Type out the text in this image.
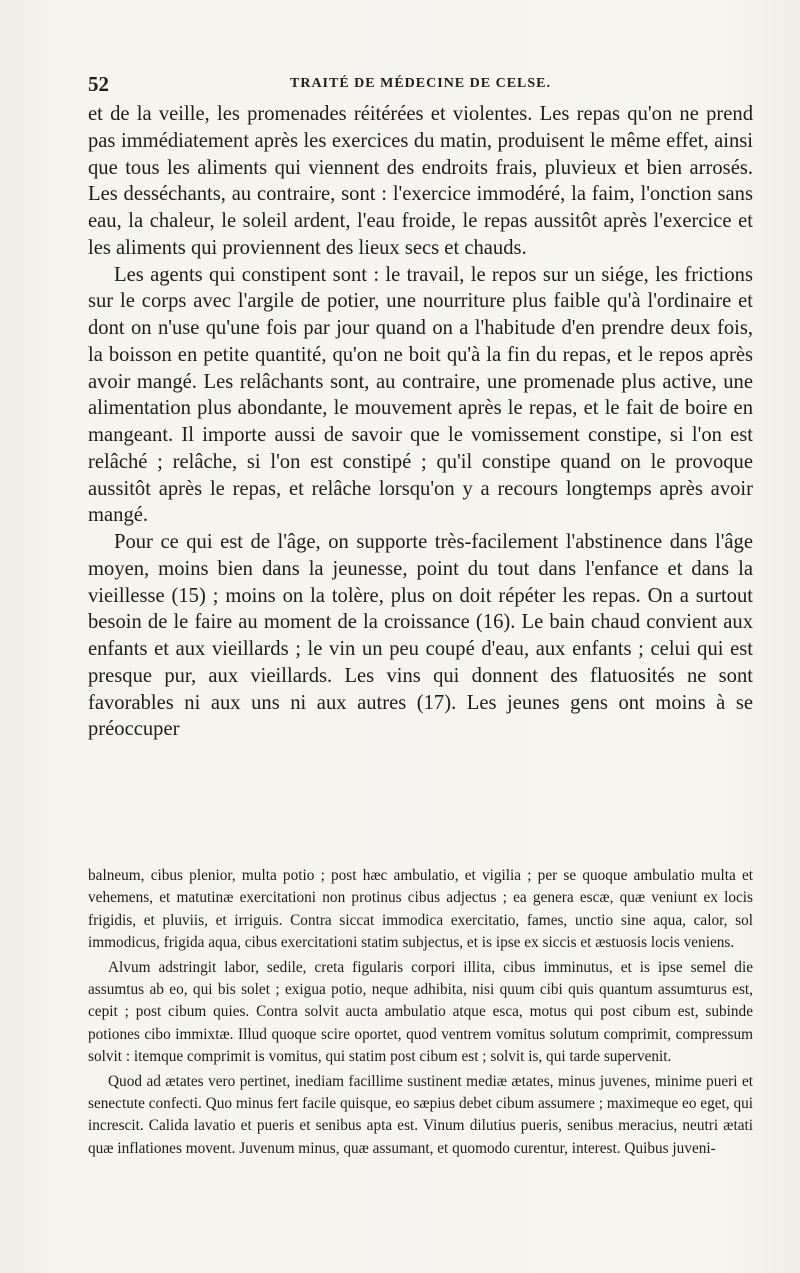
52	TRAITÉ DE MÉDECINE DE CELSE.

et de la veille, les promenades réitérées et violentes. Les repas qu'on ne prend pas immédiatement après les exercices du matin, produisent le même effet, ainsi que tous les aliments qui viennent des endroits frais, pluvieux et bien arrosés. Les desséchants, au contraire, sont : l'exercice immodéré, la faim, l'onction sans eau, la chaleur, le soleil ardent, l'eau froide, le repas aussitôt après l'exercice et les aliments qui proviennent des lieux secs et chauds.

Les agents qui constipent sont : le travail, le repos sur un siége, les frictions sur le corps avec l'argile de potier, une nourriture plus faible qu'à l'ordinaire et dont on n'use qu'une fois par jour quand on a l'habitude d'en prendre deux fois, la boisson en petite quantité, qu'on ne boit qu'à la fin du repas, et le repos après avoir mangé. Les relâchants sont, au contraire, une promenade plus active, une alimentation plus abondante, le mouvement après le repas, et le fait de boire en mangeant. Il importe aussi de savoir que le vomissement constipe, si l'on est relâché ; relâche, si l'on est constipé ; qu'il constipe quand on le provoque aussitôt après le repas, et relâche lorsqu'on y a recours longtemps après avoir mangé.

Pour ce qui est de l'âge, on supporte très-facilement l'abstinence dans l'âge moyen, moins bien dans la jeunesse, point du tout dans l'enfance et dans la vieillesse (15) ; moins on la tolère, plus on doit répéter les repas. On a surtout besoin de le faire au moment de la croissance (16). Le bain chaud convient aux enfants et aux vieillards ; le vin un peu coupé d'eau, aux enfants ; celui qui est presque pur, aux vieillards. Les vins qui donnent des flatuosités ne sont favorables ni aux uns ni aux autres (17). Les jeunes gens ont moins à se préoccuper

balneum, cibus plenior, multa potio ; post hæc ambulatio, et vigilia ; per se quoque ambulatio multa et vehemens, et matutinæ exercitationi non protinus cibus adjectus ; ea genera escæ, quæ veniunt ex locis frigidis, et pluviis, et irriguis. Contra siccat immodica exercitatio, fames, unctio sine aqua, calor, sol immodicus, frigida aqua, cibus exercitationi statim subjectus, et is ipse ex siccis et æstuosis locis veniens.

Alvum adstringit labor, sedile, creta figularis corpori illita, cibus imminutus, et is ipse semel die assumtus ab eo, qui bis solet ; exigua potio, neque adhibita, nisi quum cibi quis quantum assumturus est, cepit ; post cibum quies. Contra solvit aucta ambulatio atque esca, motus qui post cibum est, subinde potiones cibo immixtæ. Illud quoque scire oportet, quod ventrem vomitus solutum comprimit, compressum solvit : itemque comprimit is vomitus, qui statim post cibum est ; solvit is, qui tarde supervenit.

Quod ad ætates vero pertinet, inediam facillime sustinent mediæ ætates, minus juvenes, minime pueri et senectute confecti. Quo minus fert facile quisque, eo sæpius debet cibum assumere ; maximeque eo eget, qui increscit. Calida lavatio et pueris et senibus apta est. Vinum dilutius pueris, senibus meracius, neutri ætati quæ inflationes movent. Juvenum minus, quæ assumant, et quomodo curentur, interest. Quibus juveni-
